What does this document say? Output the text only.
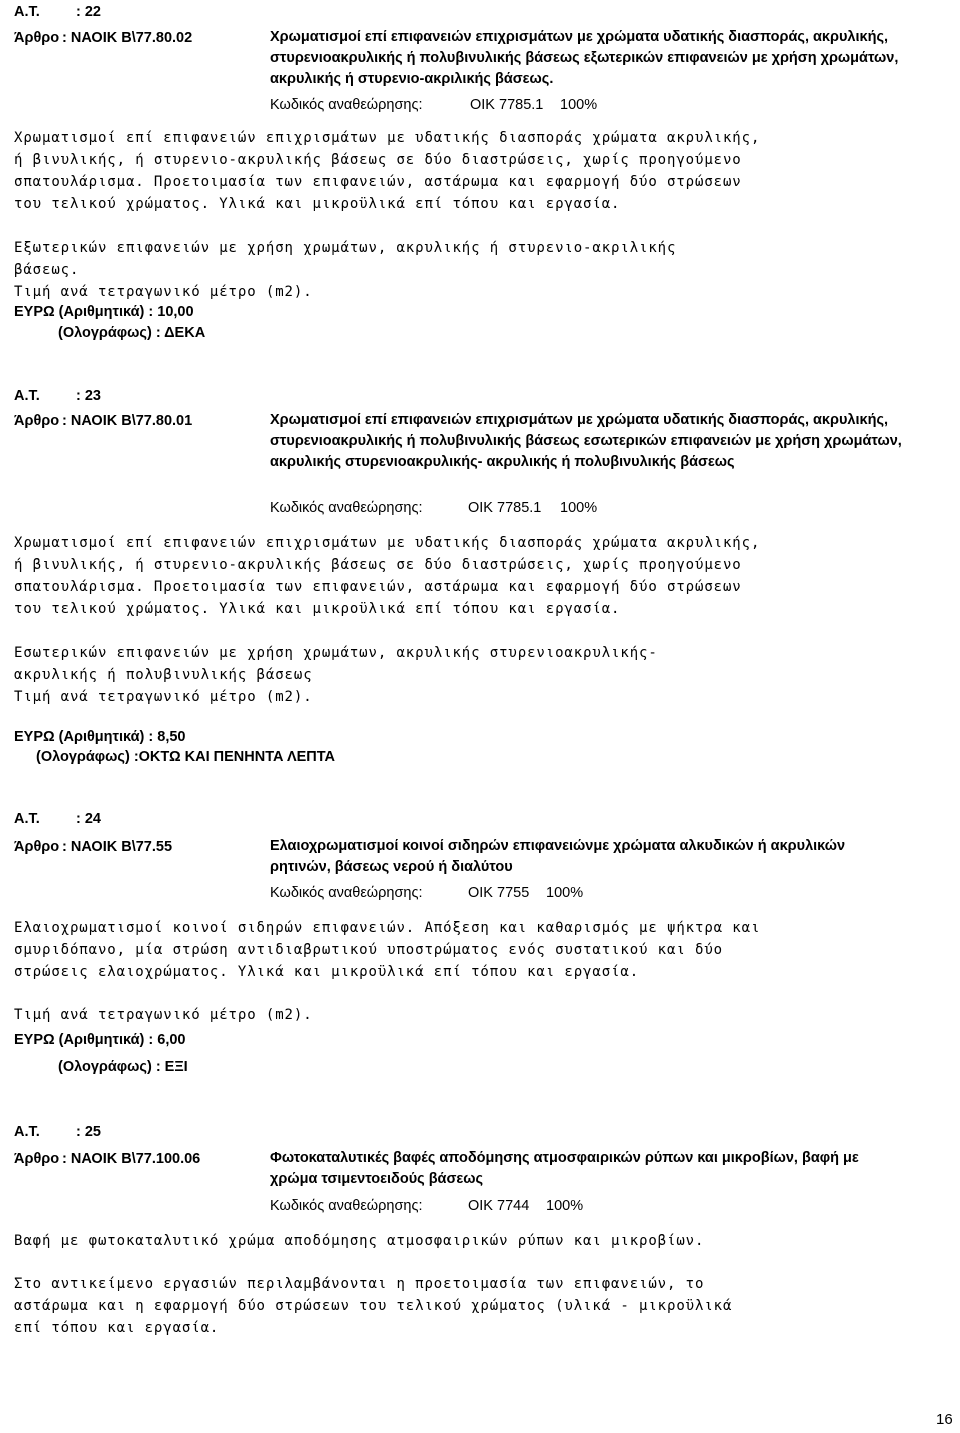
Α.Τ. : 22
Άρθρο : ΝΑΟΙΚ Β\77.80.02	Χρωματισμοί επί επιφανειών επιχρισμάτων με χρώματα υδατικής διασποράς, ακρυλικής, στυρενιοακρυλικής ή πολυβινυλικής βάσεως εξωτερικών επιφανειών με χρήση χρωμάτων, ακρυλικής ή στυρενιο-ακριλικής βάσεως.
Κωδικός αναθεώρησης:	ΟΙΚ 7785.1 100%
Χρωματισμοί επί επιφανειών επιχρισμάτων με υδατικής διασποράς χρώματα ακρυλικής,
ή βινυλικής, ή στυρενιο-ακρυλικής βάσεως σε δύο διαστρώσεις, χωρίς προηγούμενο
σπατουλάρισμα. Προετοιμασία των επιφανειών, αστάρωμα και εφαρμογή δύο στρώσεων
του τελικού χρώματος. Υλικά και μικροϋλικά επί τόπου και εργασία.
Εξωτερικών επιφανειών με χρήση χρωμάτων, ακρυλικής ή στυρενιο-ακριλικής
βάσεως.
Τιμή ανά τετραγωνικό μέτρο (m2).
ΕΥΡΩ (Αριθμητικά) : 10,00
(Ολογράφως) : ΔΕΚΑ
Α.Τ. : 23
Άρθρο : ΝΑΟΙΚ Β\77.80.01	Χρωματισμοί επί επιφανειών επιχρισμάτων με χρώματα υδατικής διασποράς, ακρυλικής, στυρενιοακρυλικής ή πολυβινυλικής βάσεως εσωτερικών επιφανειών με χρήση χρωμάτων, ακρυλικής στυρενιοακρυλικής- ακρυλικής ή πολυβινυλικής βάσεως
Κωδικός αναθεώρησης:	ΟΙΚ 7785.1 100%
Χρωματισμοί επί επιφανειών επιχρισμάτων με υδατικής διασποράς χρώματα ακρυλικής,
ή βινυλικής, ή στυρενιο-ακρυλικής βάσεως σε δύο διαστρώσεις, χωρίς προηγούμενο
σπατουλάρισμα. Προετοιμασία των επιφανειών, αστάρωμα και εφαρμογή δύο στρώσεων
του τελικού χρώματος. Υλικά και μικροϋλικά επί τόπου και εργασία.
Εσωτερικών επιφανειών με χρήση χρωμάτων, ακρυλικής στυρενιοακρυλικής-
ακρυλικής ή πολυβινυλικής βάσεως
Τιμή ανά τετραγωνικό μέτρο (m2).
ΕΥΡΩ (Αριθμητικά) : 8,50
(Ολογράφως) :ΟΚΤΩ ΚΑΙ ΠΕΝΗΝΤΑ ΛΕΠΤΑ
Α.Τ. : 24
Άρθρο : ΝΑΟΙΚ Β\77.55	Ελαιοχρωματισμοί κοινοί σιδηρών επιφανειώνμε χρώματα αλκυδικών ή ακρυλικών ρητινών, βάσεως νερού ή διαλύτου
Κωδικός αναθεώρησης:	ΟΙΚ 7755 100%
Ελαιοχρωματισμοί κοινοί σιδηρών επιφανειών. Απόξεση και καθαρισμός με ψήκτρα και
σμυριδόπανο, μία στρώση αντιδιαβρωτικού υποστρώματος ενός συστατικού και δύο
στρώσεις ελαιοχρώματος. Υλικά και μικροϋλικά επί τόπου και εργασία.
Τιμή ανά τετραγωνικό μέτρο (m2).
ΕΥΡΩ (Αριθμητικά) : 6,00
(Ολογράφως) : ΕΞΙ
Α.Τ. : 25
Άρθρο : ΝΑΟΙΚ Β\77.100.06	Φωτοκαταλυτικές βαφές αποδόμησης ατμοσφαιρικών ρύπων και μικροβίων, βαφή με χρώμα τσιμεντοειδούς βάσεως
Κωδικός αναθεώρησης:	ΟΙΚ 7744 100%
Βαφή με φωτοκαταλυτικό χρώμα αποδόμησης ατμοσφαιρικών ρύπων και μικροβίων.
Στο αντικείμενο εργασιών περιλαμβάνονται η προετοιμασία των επιφανειών, το
αστάρωμα και η εφαρμογή δύο στρώσεων του τελικού χρώματος (υλικά - μικροϋλικά
επί τόπου και εργασία.
16
